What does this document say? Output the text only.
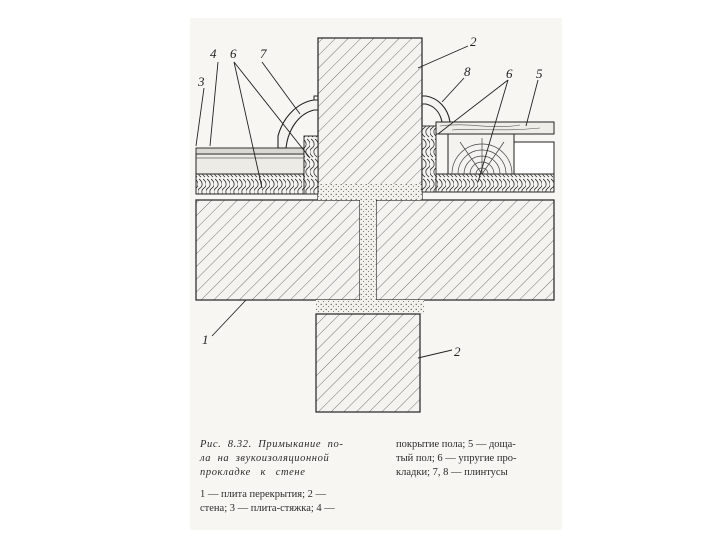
2
2
1
3
4 6 7
8	6 5
Рис.  8.32.  Примыкание  по-
ла  на  звукоизоляционной
прокладке   к   стене
1 — плита перекрытия; 2 —
стена; 3 — плита-стяжка; 4 —
покрытие пола; 5 — доща-
тый пол; 6 — упругие про-
кладки; 7, 8 — плинтусы
